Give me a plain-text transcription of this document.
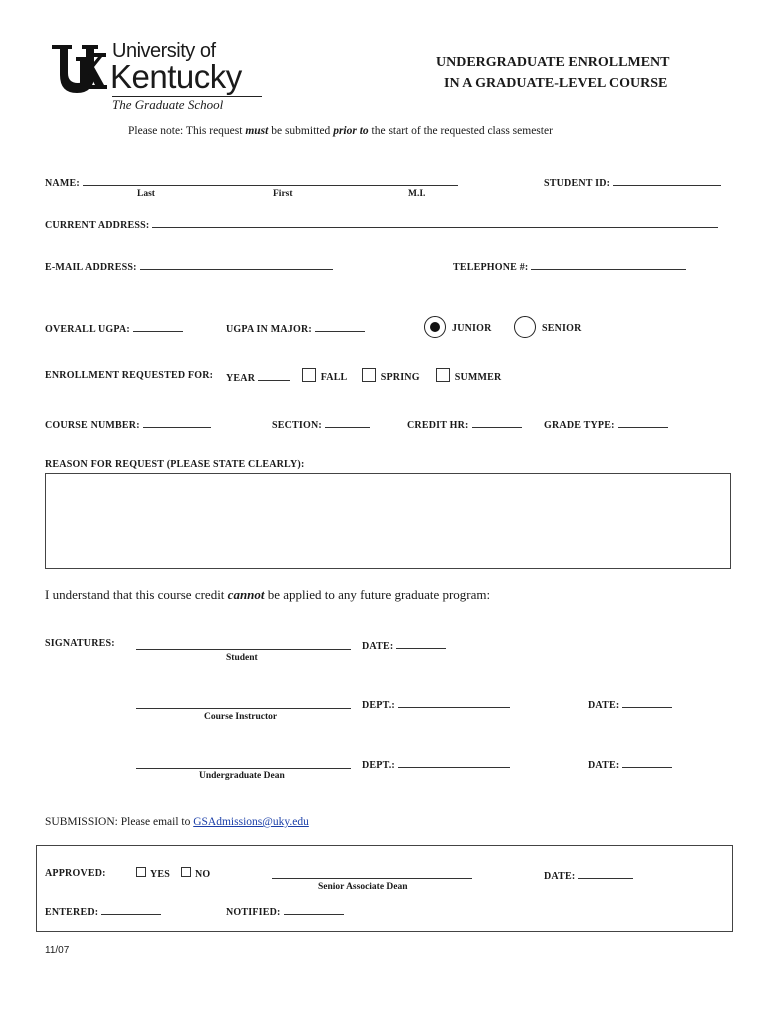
University of
Kentucky
The Graduate School
UNDERGRADUATE ENROLLMENT
IN A GRADUATE-LEVEL COURSE
Please note: This request must be submitted prior to the start of the requested class semester
NAME:
Last	First	M.I.
STUDENT ID:
CURRENT ADDRESS:
E-MAIL ADDRESS:	TELEPHONE #:
OVERALL UGPA:	UGPA IN MAJOR:	JUNIOR	SENIOR
ENROLLMENT REQUESTED FOR: YEAR	FALL	SPRING	SUMMER
COURSE NUMBER:	SECTION:	CREDIT HR:	GRADE TYPE:
REASON FOR REQUEST (PLEASE STATE CLEARLY):
I understand that this course credit cannot be applied to any future graduate program:
SIGNATURES:
Student
DATE:
Course Instructor
DEPT.:	DATE:
Undergraduate Dean
DEPT.:	DATE:
SUBMISSION: Please email to GSAdmissions@uky.edu
APPROVED:	YES	NO
Senior Associate Dean
DATE:
ENTERED:	NOTIFIED:
11/07
